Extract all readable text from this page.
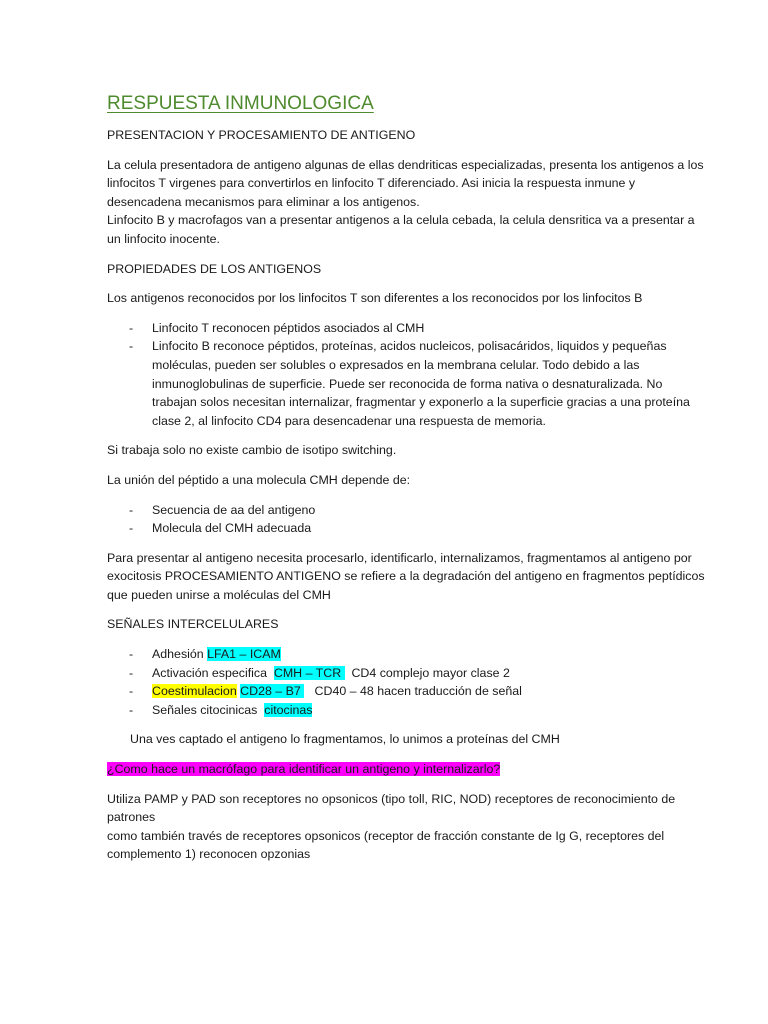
RESPUESTA INMUNOLOGICA
PRESENTACION Y PROCESAMIENTO DE ANTIGENO

La celula presentadora de antigeno algunas de ellas dendriticas especializadas, presenta los antigenos a los linfocitos T virgenes para convertirlos en linfocito T diferenciado. Asi inicia la respuesta inmune y desencadena mecanismos para eliminar a los antigenos.
Linfocito B y macrofagos van a presentar antigenos a la celula cebada, la celula densritica va a presentar a un linfocito inocente.

PROPIEDADES DE LOS ANTIGENOS

Los antigenos reconocidos por los linfocitos T son diferentes a los reconocidos por los linfocitos B

- Linfocito T reconocen péptidos asociados al CMH
- Linfocito B reconoce péptidos, proteínas, acidos nucleicos, polisacáridos, liquidos y pequeñas moléculas, pueden ser solubles o expresados en la membrana celular. Todo debido a las inmunoglobulinas de superficie. Puede ser reconocida de forma nativa o desnaturalizada. No trabajan solos necesitan internalizar, fragmentar y exponerlo a la superficie gracias a una proteína clase 2, al linfocito CD4 para desencadenar una respuesta de memoria.

Si trabaja solo no existe cambio de isotipo switching.

La unión del péptido a una molecula CMH depende de:

- Secuencia de aa del antigeno
- Molecula del CMH adecuada

Para presentar al antigeno necesita procesarlo, identificarlo, internalizamos, fragmentamos al antigeno por exocitosis PROCESAMIENTO ANTIGENO se refiere a la degradación del antigeno en fragmentos peptídicos que pueden unirse a moléculas del CMH

SEÑALES INTERCELULARES
- Adhesión LFA1 – ICAM
- Activación especifica  CMH – TCR   CD4 complejo mayor clase 2
- Coestimulacion CD28 – B7    CD40 – 48 hacen traducción de señal
- Señales citocinicas  citocinas

Una ves captado el antigeno lo fragmentamos, lo unimos a proteínas del CMH

¿Como hace un macrófago para identificar un antigeno y internalizarlo?

Utiliza PAMP y PAD son receptores no opsonicos (tipo toll, RIC, NOD) receptores de reconocimiento de patrones
como también través de receptores opsonicos (receptor de fracción constante de Ig G, receptores del complemento 1) reconocen opzonias
